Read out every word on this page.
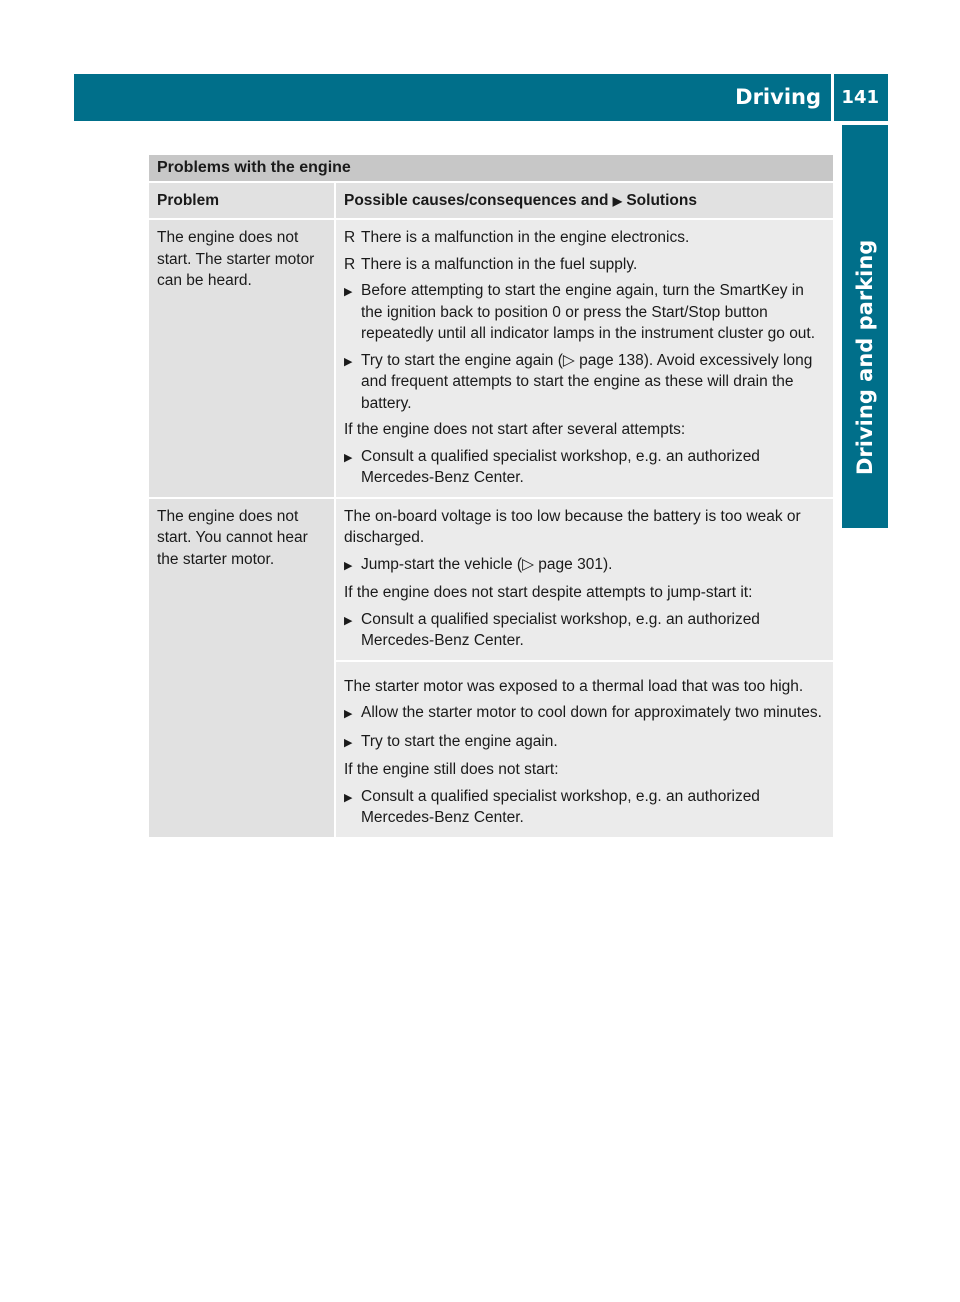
Driving 141
Driving and parking
Problems with the engine
Problem	Possible causes/consequences and ▶ Solutions
The engine does not start. The starter motor can be heard.
R There is a malfunction in the engine electronics.
R There is a malfunction in the fuel supply.
▶ Before attempting to start the engine again, turn the SmartKey in the ignition back to position 0 or press the Start/Stop button repeatedly until all indicator lamps in the instrument cluster go out.
▶ Try to start the engine again (▷ page 138). Avoid excessively long and frequent attempts to start the engine as these will drain the battery.
If the engine does not start after several attempts:
▶ Consult a qualified specialist workshop, e.g. an authorized Mercedes-Benz Center.
The engine does not start. You cannot hear the starter motor.
The on-board voltage is too low because the battery is too weak or discharged.
▶ Jump-start the vehicle (▷ page 301).
If the engine does not start despite attempts to jump-start it:
▶ Consult a qualified specialist workshop, e.g. an authorized Mercedes-Benz Center.
The starter motor was exposed to a thermal load that was too high.
▶ Allow the starter motor to cool down for approximately two minutes.
▶ Try to start the engine again.
If the engine still does not start:
▶ Consult a qualified specialist workshop, e.g. an authorized Mercedes-Benz Center.
